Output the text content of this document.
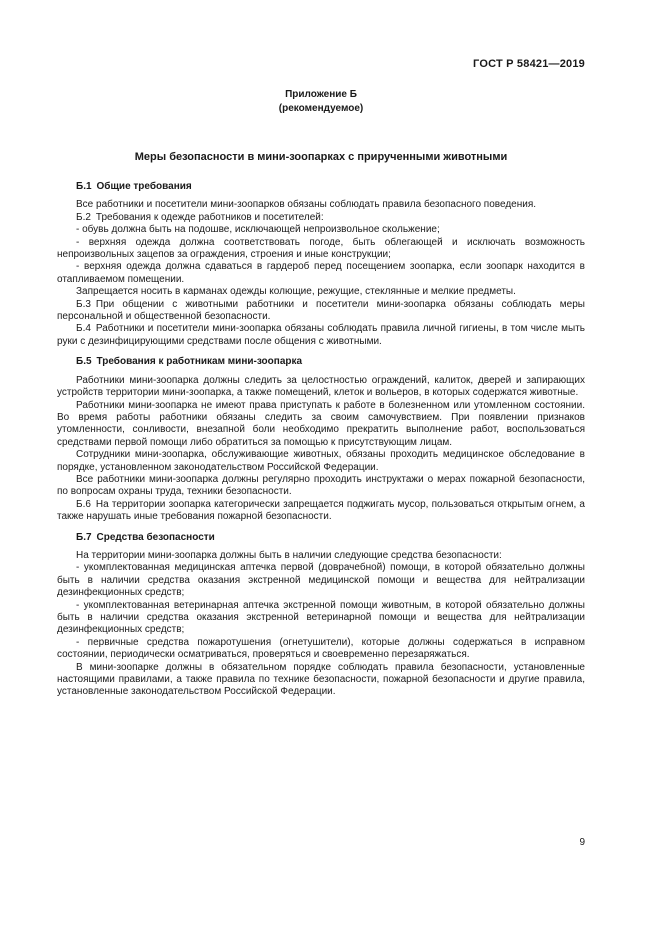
ГОСТ Р 58421—2019
Приложение Б
(рекомендуемое)
Меры безопасности в мини-зоопарках с прирученными животными
Б.1 Общие требования

Все работники и посетители мини-зоопарков обязаны соблюдать правила безопасного поведения.

Б.2 Требования к одежде работников и посетителей:

- обувь должна быть на подошве, исключающей непроизвольное скольжение;

- верхняя одежда должна соответствовать погоде, быть облегающей и исключать возможность непроизвольных зацепов за ограждения, строения и иные конструкции;

- верхняя одежда должна сдаваться в гардероб перед посещением зоопарка, если зоопарк находится в отапливаемом помещении.

Запрещается носить в карманах одежды колющие, режущие, стеклянные и мелкие предметы.

Б.3 При общении с животными работники и посетители мини-зоопарка обязаны соблюдать меры персональной и общественной безопасности.

Б.4 Работники и посетители мини-зоопарка обязаны соблюдать правила личной гигиены, в том числе мыть руки с дезинфицирующими средствами после общения с животными.

Б.5 Требования к работникам мини-зоопарка

Работники мини-зоопарка должны следить за целостностью ограждений, калиток, дверей и запирающих устройств территории мини-зоопарка, а также помещений, клеток и вольеров, в которых содержатся животные.

Работники мини-зоопарка не имеют права приступать к работе в болезненном или утомленном состоянии. Во время работы работники обязаны следить за своим самочувствием. При появлении признаков утомленности, сонливости, внезапной боли необходимо прекратить выполнение работ, воспользоваться средствами первой помощи либо обратиться за помощью к присутствующим лицам.

Сотрудники мини-зоопарка, обслуживающие животных, обязаны проходить медицинское обследование в порядке, установленном законодательством Российской Федерации.

Все работники мини-зоопарка должны регулярно проходить инструктажи о мерах пожарной безопасности, по вопросам охраны труда, техники безопасности.

Б.6 На территории зоопарка категорически запрещается поджигать мусор, пользоваться открытым огнем, а также нарушать иные требования пожарной безопасности.

Б.7 Средства безопасности

На территории мини-зоопарка должны быть в наличии следующие средства безопасности:

- укомплектованная медицинская аптечка первой (доврачебной) помощи, в которой обязательно должны быть в наличии средства оказания экстренной медицинской помощи и вещества для нейтрализации дезинфекционных средств;

- укомплектованная ветеринарная аптечка экстренной помощи животным, в которой обязательно должны быть в наличии средства оказания экстренной ветеринарной помощи и вещества для нейтрализации дезинфекционных средств;

- первичные средства пожаротушения (огнетушители), которые должны содержаться в исправном состоянии, периодически осматриваться, проверяться и своевременно перезаряжаться.

В мини-зоопарке должны в обязательном порядке соблюдать правила безопасности, установленные настоящими правилами, а также правила по технике безопасности, пожарной безопасности и другие правила, установленные законодательством Российской Федерации.

9
